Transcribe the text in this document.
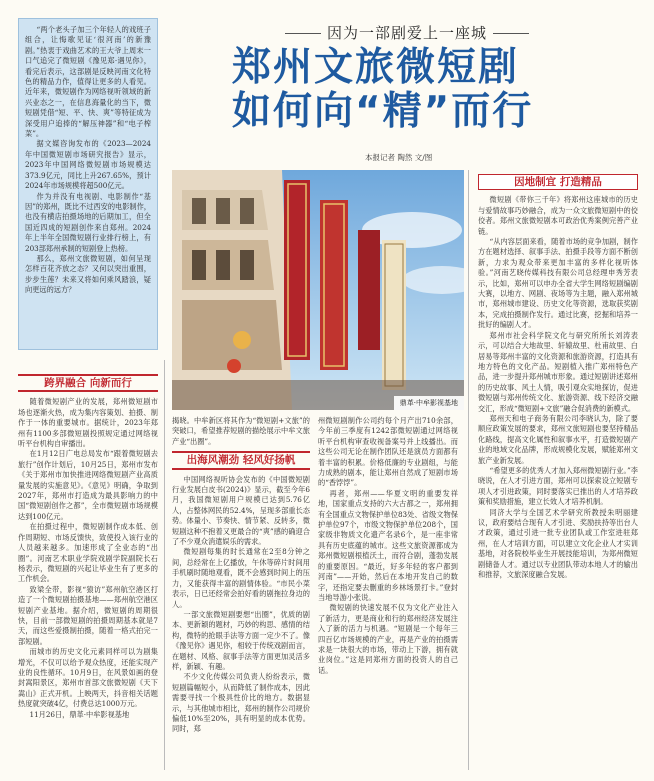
“两个老头子加三个年轻人的戏班子组合，让悔歌见证‘很河南’的新豫剧。”热衷于戏曲艺术的王大爷上周末一口气追完了微短剧《豫见郑·遇见你》，看完后表示，这部剧是反映河南文化特色的精品力作，值得让更多的人看见。近年来，微短剧作为网络视听领域的新兴业态之一，在信息海量化的当下，微短剧凭借“短、平、快、爽”等特征成为深受用户追捧的“解压神器”和“电子榨菜”。

据文媒咨询发布的《2023—2024年中国微短剧市场研究报告》显示，2023年中国网络微短剧市场规模达373.9亿元，同比上升267.65%，预计2024年市场规模将超500亿元。

作为并没有电视剧、电影制作“基因”的郑州，既比不过西安的电影制作，也没有横店拍摄场地的后期加工，但全国近四成的短剧创作来自郑州。2024年上半年全国微短剧行业排行榜上，有203部郑州承制的短剧登上热榜。

那么，郑州文旅微短剧，如何呈现怎样百花齐放之态？又何以突出重围，步步生莲？未来又将如何乘风踏浪，疑向更远的远方？

因为一部剧爱上一座城
郑州文旅微短剧
如何向“精”而行
本报记者 陶然 文/图
鼎革·中牟影视基地
跨界融合 向新而行

随着微短剧产业的发展，郑州微短剧市场也逐渐火热，成为集内容策划、拍摄、制作于一体的重要城市。据统计，2023年郑州有1100多部微短剧投照规定通过网络视听平台机构自审播出。

在1月12日广电总局发布“跟着微短剧去旅行”创作计划后，10月25日，郑州市发布《关于郑州市加快推进网络微短剧产业高质量发展的实施意见》。《意见》明确，争取到2027年，郑州市打造成为最具影响力的中国“微短剧创作之都”，全市微短剧市场规模达到100亿元。

在拍摄过程中，微短剧制作成本低、创作周期短、市场反馈快，致使投入该行业的人员越来越多。加速形成了全业态的“出圈”。河南艺术职业学院戏剧学院副院长石杨表示，微短剧的兴起让毕业生有了更多的工作机会。

致梁全带，影视“猿访”郑州航空港区打造了一个微短剧拍摄基地——郑州航空港区短剧产业基地。据介绍，微短剧的周期很快，目前一部微短剧的拍摄周期基本就是7天，而这些爱摄制拍摄，随着一格式拍完一部短剧。

而城市的历史文化元素同样可以为剧集增光，不仅可以给予观众热度，还能实现产业的良性循环。10月9日，在风景如画的登封嵩阳景区，郑州市首部文旅微短剧《天下嵩山》正式开机。上映两天，抖音相关话题热度就突破4亿，付费总达1000万元。

11月26日，鼎革·中牟影视基地

揭晓。中牟新区将其作为“微短剧+文旅”的突破口，希望推荐短剧的描绘展示中牟文旅产业“出圈”。

出海风潮劲 轻风好扬帆

中国网络视听协会发布的《中国微短剧行业发展白皮书(2024)》显示，截至今年6月，我国微短剧用户规模已达到5.76亿人，占整体网民的52.4%，呈现多部重长态势。体量小、节奏快、情节紧、反转多，微短剧这种不抱着又更最合的“爽”感的确迎合了不少观众消遣娱乐的需求。

微短剧每集的时长通常在2至8分钟之间，总经常在上亿播放，午休等碎片时间用手机刷时随地观看，既不会感到时间上的压力，又能获得丰富的剧情体验。“市民小菜表示，日已还经常会拍好看的剧拖拉身边的人。

一部文旅微短剧要想“出圈”，优质的剧本、更新颖的题材，巧妙的构思、感情的结构，微特的抢眼手法等方面一定少不了。像《豫见你》遇见你，相较于传统戏剧而言，在题材、风格、叙事手法等方面更加灵活多样，新颖、有趣。

不少文化传媒公司负责人纷纷表示，微短剧篇幅短小，从而降低了制作成本，因此需要寻找一个极具性价比的地方。数据显示，与其他城市相比，郑州的制作公司规价偏低10%至20%，具有明显的成本优势。同时，郑

州微短剧制作公司约每个月产出710余部，今年前三季度有1242部微短剧通过网络视听平台机构审查收视备案号并上线播出。而这些公司无论在制作团队还是演员方面都有着丰富的积累。价格低廉的专业剧组，与能力成熟的剧本，能让郑州自然成了短剧市场的“香饽饽”。

再者，郑州——华夏文明的重要发祥地，国家重点支持的六大古都之一，郑州拥有全国重点文物保护单位83处、省级文物保护单位97个，市级文物保护单位208个，国家级非物质文化遗产名录6个，是一座非常具有历史底蕴的城市。这些文旅资源都成为郑州微短剧根植沃土，而符合剧，蓬勃发展的重要原因。“最近，好多年轻的客户都到河南”——开始，然后在本地开发自己的数字，还指定要去删重的乡林场景打卡。”登封当地导游小张说。

微短剧的快速发展不仅为文化产业注入了新活力，更是商业和行的郑州经济发展注入了新的活力与机遇。“短剧是一个每年三四百亿市场规模的产业，再是产业的拍摄需求是一块很大的市场，带动上下游，拥有就业岗位。”这是同郑州方面的投资人的自己话。

因地制宜 打造精品

微短剧《带你三千年》将郑州这座城市的历史与爱情故事巧妙融合，成为一众文旅微短剧中的佼佼者。郑州文旅微短剧本可政治优秀案例完善产业链。

“从内容层面来看，随着市场的竞争加剧，制作方在题材选择、叙事手法、拍摄手段等方面不断创新，力求为观众带来更加丰富的多样化视听体验。”河南艺晓传媒科技有限公司总经理申秀芳表示，比如，郑州可以申办全省大学生网络短剧编剧大赛，以地方、网剧、夜场等为主题，融入郑州城市，郑州城市建设、历史文化等资源，选取获奖剧本，完成拍摄制作发行。通过比赛，挖掘和培养一批好的编剧人才。

郑州市社会科学院文化与研究所所长刘涛表示，可以结合大地故里、轩辕故里、杜甫故里、白居易等郑州丰富的文化资源和旅游资源，打造具有地方特色的文化产品。短剧植入推广郑州特色产品，进一步提升郑州城市形象。通过短剧讲述郑州的历史故事、风土人情，吸引观众实地探访，促进微短剧与郑州传统文化、旅游资源、线下经济交融交汇，形成“微短剧+文旅”融合促消费的新模式。

郑州天和电子商务有限公司李晓认为，除了要顺应政策发展的要求，郑州文旅短剧也要坚持精品化路线，提高文化属性和叙事水平，打造微短剧产业的地域文化品牌，形成规模化发展，赋能郑州文旅产业新发展。

“希望更多的优秀人才加入郑州微短剧行业。”李晓说，在人才引进方面，郑州可以探索设立短剧专项人才引进政策，同时要落实已推出的人才培养政策和奖励措施，建立长效人才培养机制。

同济大学与全国艺术学研究所教授朱明丽建议，政府要结合现有人才引进、奖励扶持等出台人才政策，通过引进一批专业团队或工作室进驻郑州，在人才培训方面，可以建立文化企业人才实训基地，对各院校毕业生开展技能培训，为郑州微短剧储备人才。通过以专业团队带动本地人才的输出和推荐，文旅深度融合发展。
